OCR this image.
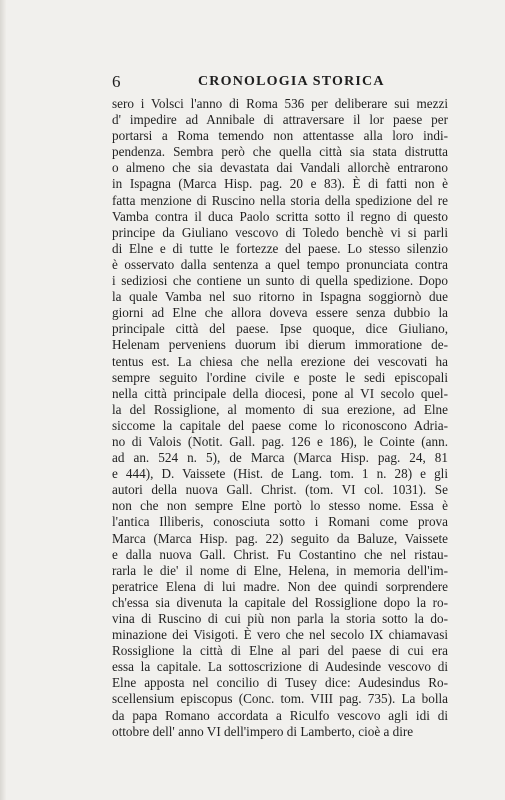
6	CRONOLOGIA STORICA
sero i Volsci l'anno di Roma 536 per deliberare sui mezzi
d' impedire ad Annibale di attraversare il lor paese per
portarsi a Roma temendo non attentasse alla loro indi-
pendenza. Sembra però che quella città sia stata distrutta
o almeno che sia devastata dai Vandali allorchè entrarono
in Ispagna (Marca Hisp. pag. 20 e 83). È di fatti non è
fatta menzione di Ruscino nella storia della spedizione del re
Vamba contra il duca Paolo scritta sotto il regno di questo
principe da Giuliano vescovo di Toledo benchè vi si parli
di Elne e di tutte le fortezze del paese. Lo stesso silenzio
è osservato dalla sentenza a quel tempo pronunciata contra
i sediziosi che contiene un sunto di quella spedizione. Dopo
la quale Vamba nel suo ritorno in Ispagna soggiornò due
giorni ad Elne che allora doveva essere senza dubbio la
principale città del paese. Ipse quoque, dice Giuliano,
Helenam perveniens duorum ibi dierum immoratione de-
tentus est. La chiesa che nella erezione dei vescovati ha
sempre seguito l'ordine civile e poste le sedi episcopali
nella città principale della diocesi, pone al VI secolo quel-
la del Rossiglione, al momento di sua erezione, ad Elne
siccome la capitale del paese come lo riconoscono Adria-
no di Valois (Notit. Gall. pag. 126 e 186), le Cointe (ann.
ad an. 524 n. 5), de Marca (Marca Hisp. pag. 24, 81
e 444), D. Vaissete (Hist. de Lang. tom. 1 n. 28) e gli
autori della nuova Gall. Christ. (tom. VI col. 1031). Se
non che non sempre Elne portò lo stesso nome. Essa è
l'antica Illiberis, conosciuta sotto i Romani come prova
Marca (Marca Hisp. pag. 22) seguito da Baluze, Vaissete
e dalla nuova Gall. Christ. Fu Costantino che nel ristau-
rarla le die' il nome di Elne, Helena, in memoria dell'im-
peratrice Elena di lui madre. Non dee quindi sorprendere
ch'essa sia divenuta la capitale del Rossiglione dopo la ro-
vina di Ruscino di cui più non parla la storia sotto la do-
minazione dei Visigoti. È vero che nel secolo IX chiamavasi
Rossiglione la città di Elne al pari del paese di cui era
essa la capitale. La sottoscrizione di Audesinde vescovo di
Elne apposta nel concilio di Tusey dice: Audesindus Ro-
scellensium episcopus (Conc. tom. VIII pag. 735). La bolla
da papa Romano accordata a Riculfo vescovo agli idi di
ottobre dell' anno VI dell'impero di Lamberto, cioè a dire
